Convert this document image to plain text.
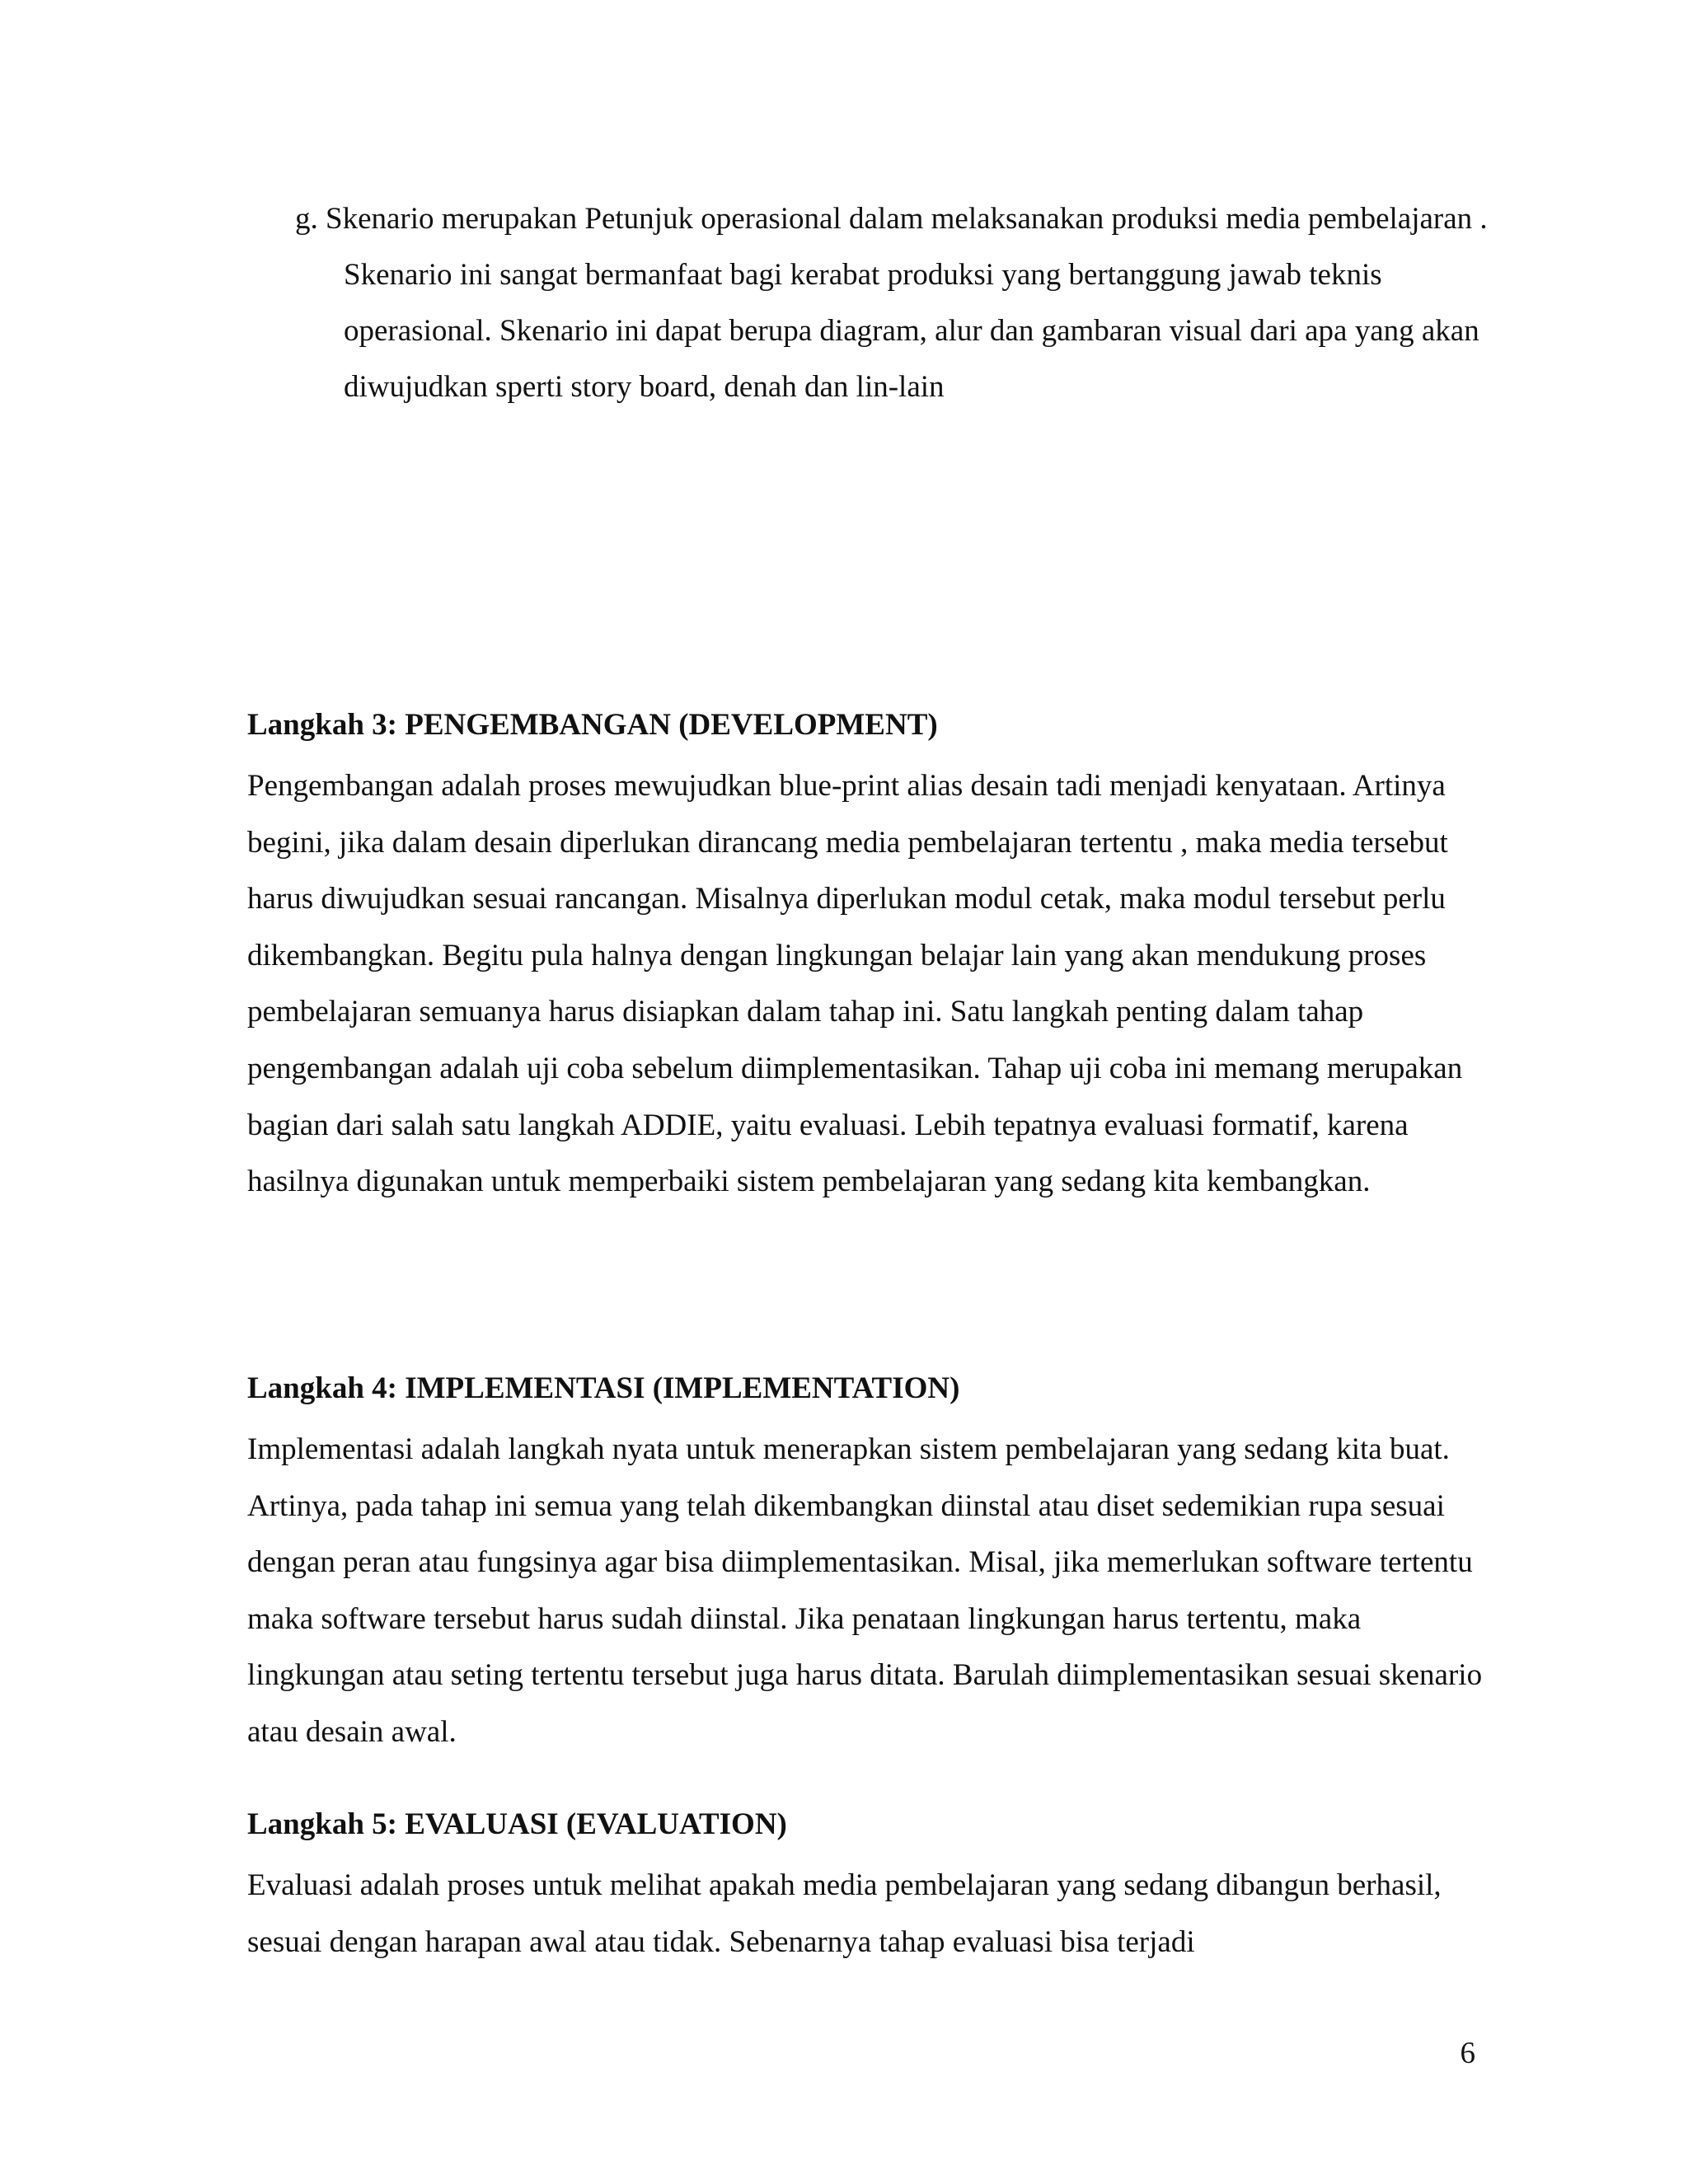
g. Skenario merupakan Petunjuk operasional dalam melaksanakan produksi media pembelajaran . Skenario ini sangat bermanfaat bagi kerabat produksi yang bertanggung jawab teknis operasional. Skenario ini dapat berupa diagram, alur dan gambaran visual dari apa yang akan diwujudkan sperti story board, denah dan lin-lain
Langkah 3: PENGEMBANGAN (DEVELOPMENT)

Pengembangan adalah proses mewujudkan blue-print alias desain tadi menjadi kenyataan. Artinya begini, jika dalam desain diperlukan dirancang media pembelajaran tertentu , maka media tersebut harus diwujudkan sesuai rancangan. Misalnya diperlukan modul cetak, maka modul tersebut perlu dikembangkan. Begitu pula halnya dengan lingkungan belajar lain yang akan mendukung proses pembelajaran semuanya harus disiapkan dalam tahap ini. Satu langkah penting dalam tahap pengembangan adalah uji coba sebelum diimplementasikan. Tahap uji coba ini memang merupakan bagian dari salah satu langkah ADDIE, yaitu evaluasi. Lebih tepatnya evaluasi formatif, karena hasilnya digunakan untuk memperbaiki sistem pembelajaran yang sedang kita kembangkan.

Langkah 4: IMPLEMENTASI (IMPLEMENTATION)

Implementasi adalah langkah nyata untuk menerapkan sistem pembelajaran yang sedang kita buat. Artinya, pada tahap ini semua yang telah dikembangkan diinstal atau diset sedemikian rupa sesuai dengan peran atau fungsinya agar bisa diimplementasikan. Misal, jika memerlukan software tertentu maka software tersebut harus sudah diinstal. Jika penataan lingkungan harus tertentu, maka lingkungan atau seting tertentu tersebut juga harus ditata. Barulah diimplementasikan sesuai skenario atau desain awal.

Langkah 5: EVALUASI (EVALUATION)

Evaluasi adalah proses untuk melihat apakah media pembelajaran yang sedang dibangun berhasil, sesuai dengan harapan awal atau tidak. Sebenarnya tahap evaluasi bisa terjadi

6
